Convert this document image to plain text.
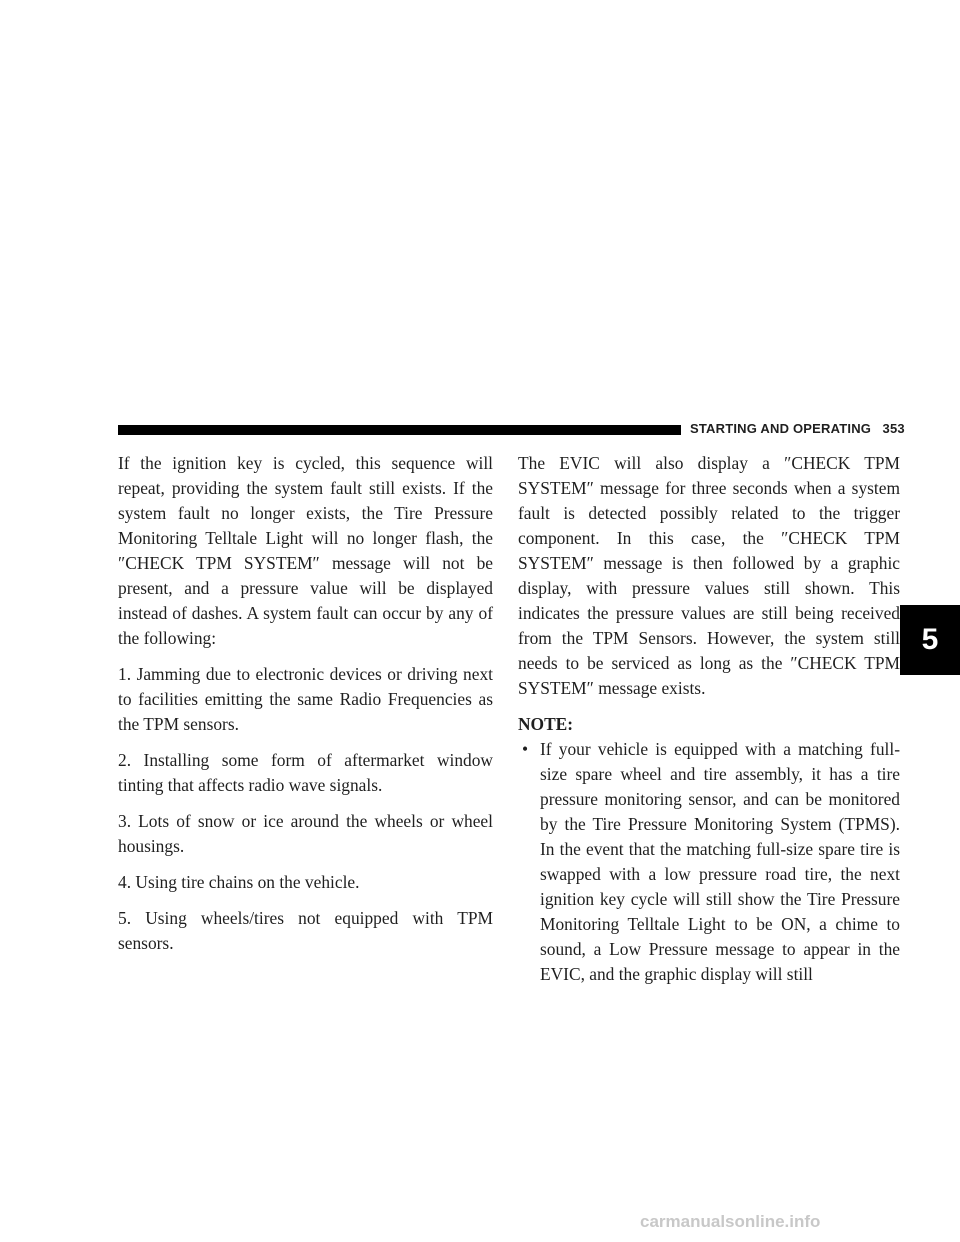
STARTING AND OPERATING 353

If the ignition key is cycled, this sequence will repeat, providing the system fault still exists. If the system fault no longer exists, the Tire Pressure Monitoring Telltale Light will no longer flash, the ″CHECK TPM SYSTEM″ message will not be present, and a pressure value will be displayed instead of dashes. A system fault can occur by any of the following:

1. Jamming due to electronic devices or driving next to facilities emitting the same Radio Frequencies as the TPM sensors.

2. Installing some form of aftermarket window tinting that affects radio wave signals.

3. Lots of snow or ice around the wheels or wheel housings.

4. Using tire chains on the vehicle.

5. Using wheels/tires not equipped with TPM sensors.

The EVIC will also display a ″CHECK TPM SYSTEM″ message for three seconds when a system fault is detected possibly related to the trigger component. In this case, the ″CHECK TPM SYSTEM″ message is then followed by a graphic display, with pressure values still shown. This indicates the pressure values are still being received from the TPM Sensors. However, the system still needs to be serviced as long as the ″CHECK TPM SYSTEM″ message exists.

NOTE:

• If your vehicle is equipped with a matching full-size spare wheel and tire assembly, it has a tire pressure monitoring sensor, and can be monitored by the Tire Pressure Monitoring System (TPMS). In the event that the matching full-size spare tire is swapped with a low pressure road tire, the next ignition key cycle will still show the Tire Pressure Monitoring Telltale Light to be ON, a chime to sound, a Low Pressure message to appear in the EVIC, and the graphic display will still
5
carmanualsonline.info
